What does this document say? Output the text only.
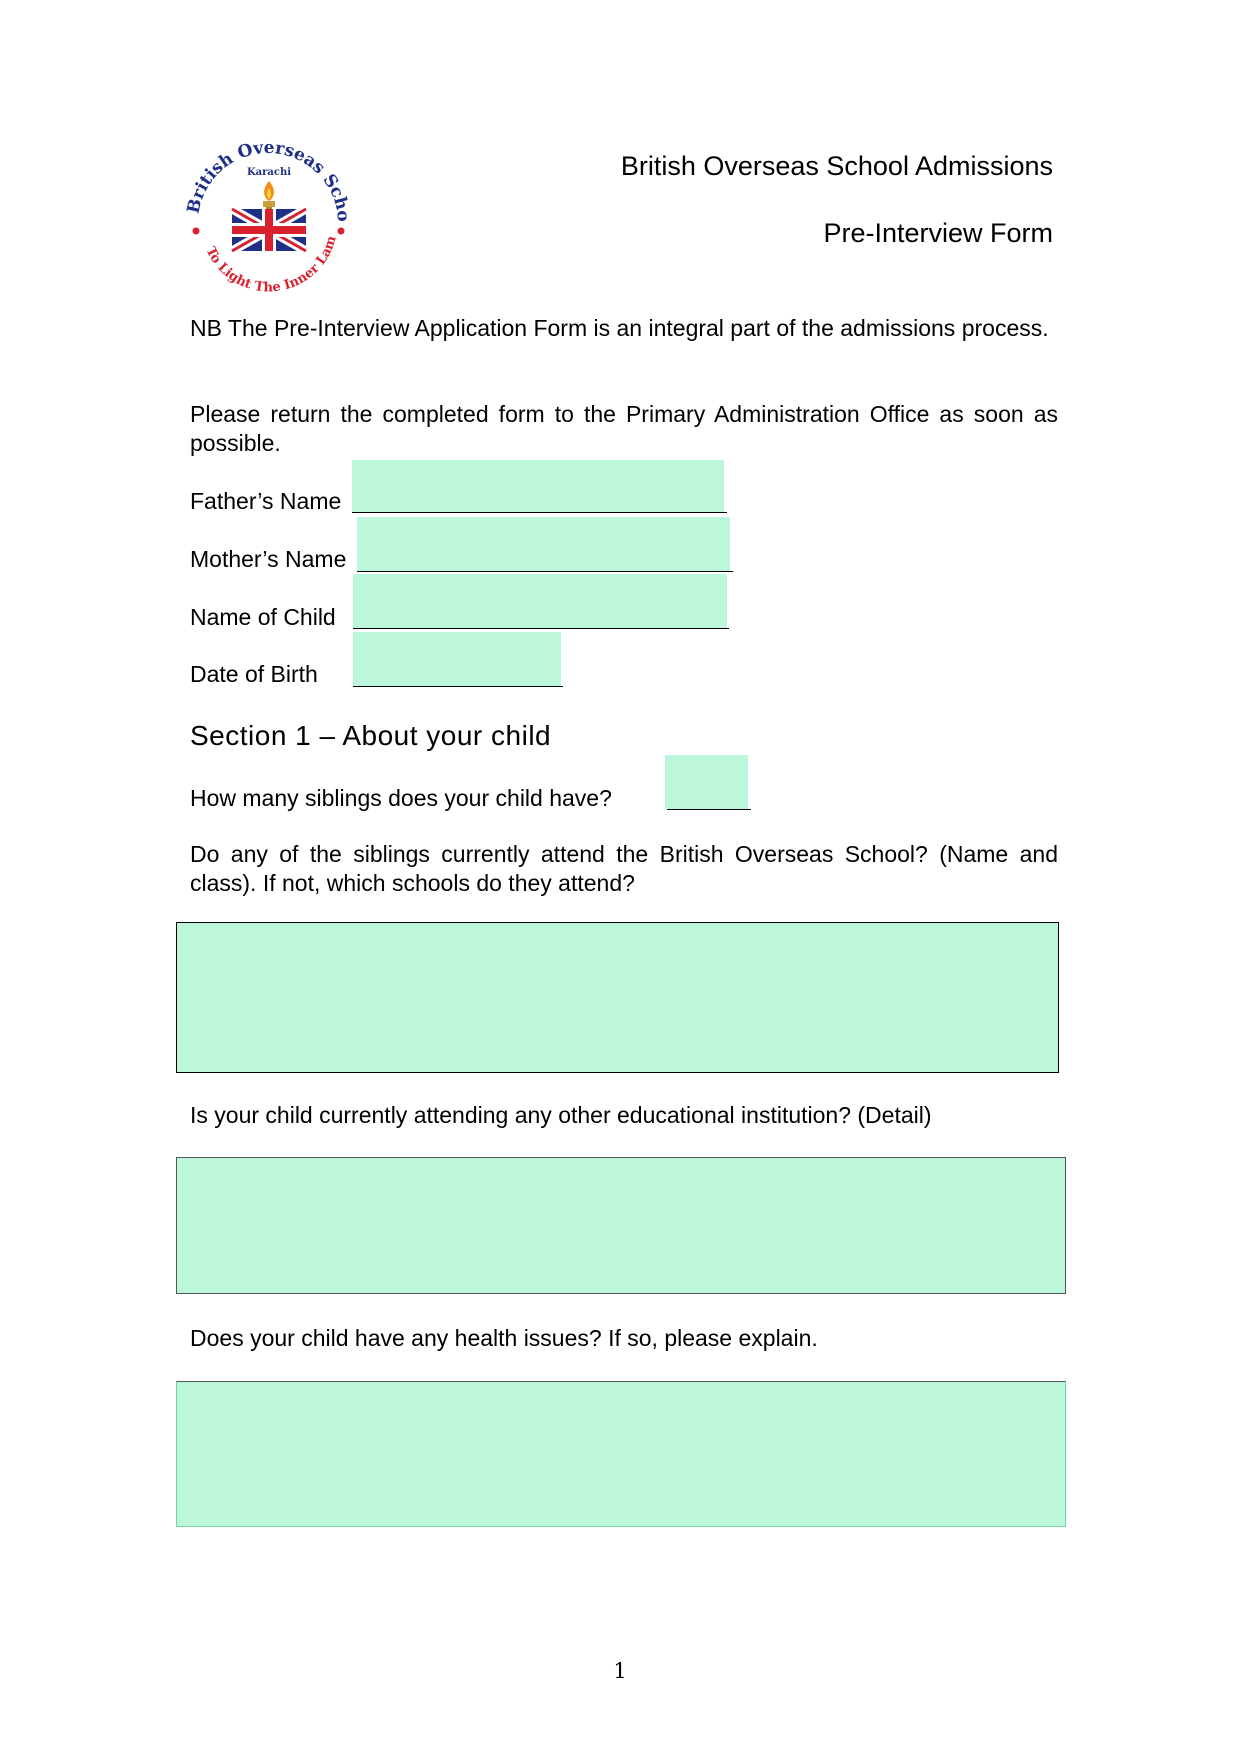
British Overseas Scho
To Light The Inner Lam
Karachi	British Overseas School Admissions
Pre-Interview Form
NB The Pre-Interview Application Form is an integral part of the admissions process.
Please return the completed form to the Primary Administration Office as soon as possible.
Father’s Name
Mother’s Name
Name of Child
Date of Birth
Section 1 – About your child
How many siblings does your child have?
Do any of the siblings currently attend the British Overseas School? (Name and class). If not, which schools do they attend?
Is your child currently attending any other educational institution? (Detail)
Does your child have any health issues? If so, please explain.
1
